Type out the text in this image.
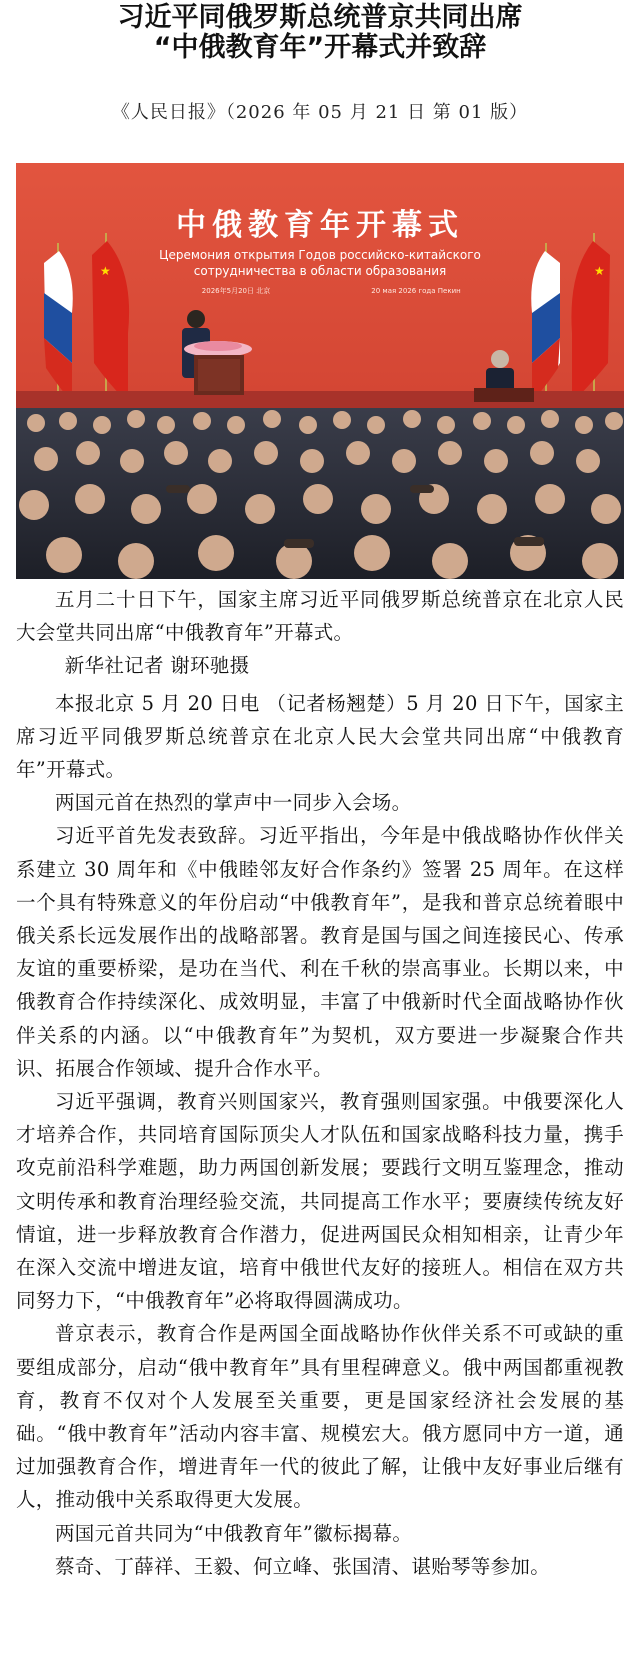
习近平同俄罗斯总统普京共同出席
“中俄教育年”开幕式并致辞
《人民日报》（2026 年 05 月 21 日 第 01 版）
中俄教育年开幕式
Церемония открытия Годов российско-китайского
сотрудничества в области образования
2026年5月20日 北京	20 мая 2026 года Пекин
★	★

五月二十日下午，国家主席习近平同俄罗斯总统普京在北京人民大会堂共同出席“中俄教育年”开幕式。

新华社记者 谢环驰摄

本报北京 5 月 20 日电 （记者杨翘楚）5 月 20 日下午，国家主席习近平同俄罗斯总统普京在北京人民大会堂共同出席“中俄教育年”开幕式。

两国元首在热烈的掌声中一同步入会场。

习近平首先发表致辞。习近平指出，今年是中俄战略协作伙伴关系建立 30 周年和《中俄睦邻友好合作条约》签署 25 周年。在这样一个具有特殊意义的年份启动“中俄教育年”，是我和普京总统着眼中俄关系长远发展作出的战略部署。教育是国与国之间连接民心、传承友谊的重要桥梁，是功在当代、利在千秋的崇高事业。长期以来，中俄教育合作持续深化、成效明显，丰富了中俄新时代全面战略协作伙伴关系的内涵。以“中俄教育年”为契机，双方要进一步凝聚合作共识、拓展合作领域、提升合作水平。

习近平强调，教育兴则国家兴，教育强则国家强。中俄要深化人才培养合作，共同培育国际顶尖人才队伍和国家战略科技力量，携手攻克前沿科学难题，助力两国创新发展；要践行文明互鉴理念，推动文明传承和教育治理经验交流，共同提高工作水平；要赓续传统友好情谊，进一步释放教育合作潜力，促进两国民众相知相亲，让青少年在深入交流中增进友谊，培育中俄世代友好的接班人。相信在双方共同努力下，“中俄教育年”必将取得圆满成功。

普京表示，教育合作是两国全面战略协作伙伴关系不可或缺的重要组成部分，启动“俄中教育年”具有里程碑意义。俄中两国都重视教育，教育不仅对个人发展至关重要，更是国家经济社会发展的基础。“俄中教育年”活动内容丰富、规模宏大。俄方愿同中方一道，通过加强教育合作，增进青年一代的彼此了解，让俄中友好事业后继有人，推动俄中关系取得更大发展。

两国元首共同为“中俄教育年”徽标揭幕。

蔡奇、丁薛祥、王毅、何立峰、张国清、谌贻琴等参加。
